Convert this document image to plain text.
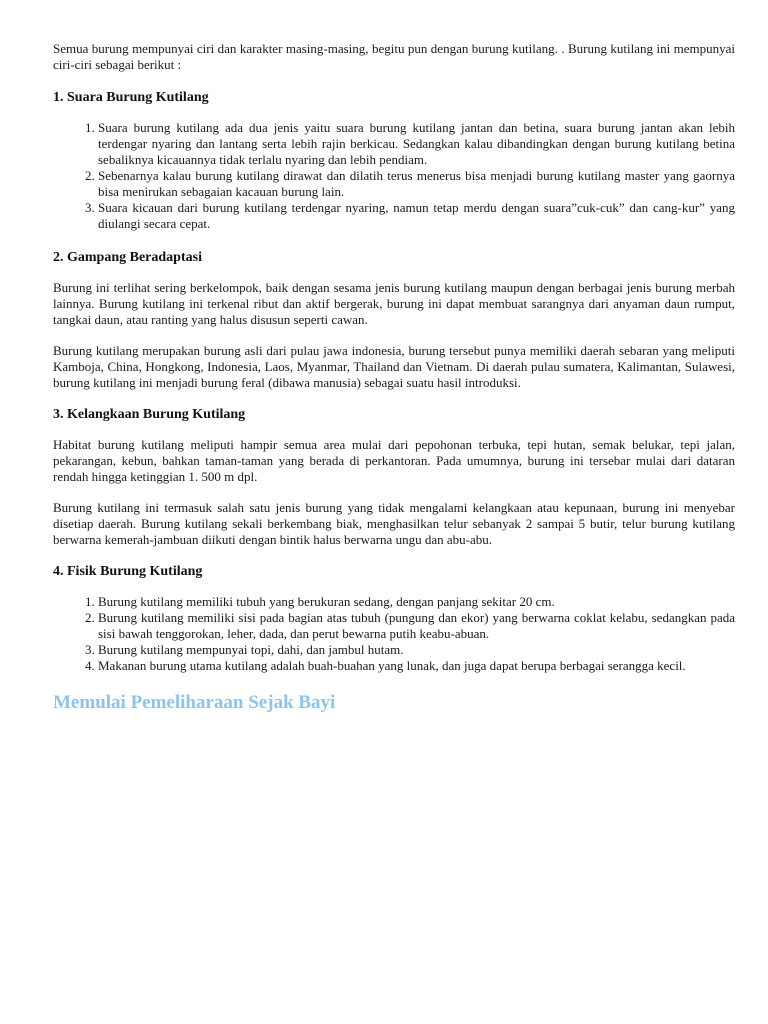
Semua burung mempunyai ciri dan karakter masing-masing, begitu pun dengan burung kutilang. . Burung kutilang ini mempunyai ciri-ciri sebagai berikut :

1. Suara Burung Kutilang
1. Suara burung kutilang ada dua jenis yaitu suara burung kutilang jantan dan betina, suara burung jantan akan lebih terdengar nyaring dan lantang serta lebih rajin berkicau. Sedangkan kalau dibandingkan dengan burung kutilang betina sebaliknya kicauannya tidak terlalu nyaring dan lebih pendiam.
2. Sebenarnya kalau burung kutilang dirawat dan dilatih terus menerus bisa menjadi burung kutilang master yang gaornya bisa menirukan sebagaian kacauan burung lain.
3. Suara kicauan dari burung kutilang terdengar nyaring, namun tetap merdu dengan suara”cuk-cuk” dan cang-kur” yang diulangi secara cepat.
2. Gampang Beradaptasi

Burung ini terlihat sering berkelompok, baik dengan sesama jenis burung kutilang maupun dengan berbagai jenis burung merbah lainnya. Burung kutilang ini terkenal ribut dan aktif bergerak, burung ini dapat membuat sarangnya dari anyaman daun rumput, tangkai daun, atau ranting yang halus disusun seperti cawan.

Burung kutilang merupakan burung asli dari pulau jawa indonesia, burung tersebut punya memiliki daerah sebaran yang meliputi Kamboja, China, Hongkong, Indonesia, Laos, Myanmar, Thailand dan Vietnam. Di daerah pulau sumatera, Kalimantan, Sulawesi, burung kutilang ini menjadi burung feral (dibawa manusia) sebagai suatu hasil introduksi.

3. Kelangkaan Burung Kutilang

Habitat burung kutilang meliputi hampir semua area mulai dari pepohonan terbuka, tepi hutan, semak belukar, tepi jalan, pekarangan, kebun, bahkan taman-taman yang berada di perkantoran. Pada umumnya, burung ini tersebar mulai dari dataran rendah hingga ketinggian 1. 500 m dpl.

Burung kutilang ini termasuk salah satu jenis burung yang tidak mengalami kelangkaan atau kepunaan, burung ini menyebar disetiap daerah. Burung kutilang sekali berkembang biak, menghasilkan telur sebanyak 2 sampai 5 butir, telur burung kutilang berwarna kemerah-jambuan diikuti dengan bintik halus berwarna ungu dan abu-abu.

4. Fisik Burung Kutilang
1. Burung kutilang memiliki tubuh yang berukuran sedang, dengan panjang sekitar 20 cm.
2. Burung kutilang memiliki sisi pada bagian atas tubuh (pungung dan ekor) yang berwarna coklat kelabu, sedangkan pada sisi bawah tenggorokan, leher, dada, dan perut bewarna putih keabu-abuan.
3. Burung kutilang mempunyai topi, dahi, dan jambul hutam.
4. Makanan burung utama kutilang adalah buah-buahan yang lunak, dan juga dapat berupa berbagai serangga kecil.
Memulai Pemeliharaan Sejak Bayi
